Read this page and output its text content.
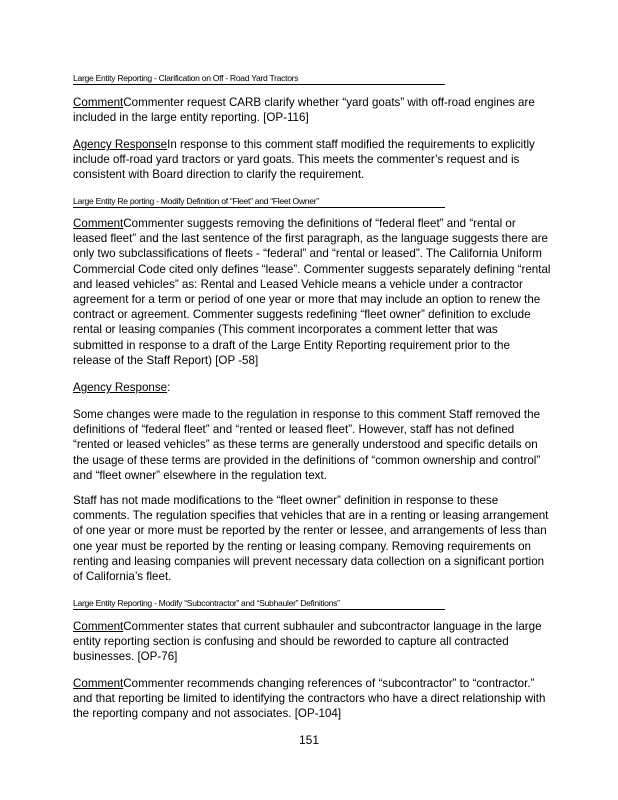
Large Entity Reporting - Clarification on Off - Road Yard Tractors

CommentCommenter request CARB clarify whether “yard goats” with off-road engines are included in the large entity reporting. [OP-116]

Agency ResponseIn response to this comment staff modified the requirements to explicitly include off-road yard tractors or yard goats. This meets the commenter’s request and is consistent with Board direction to clarify the requirement.

Large Entity Re porting - Modify Definition of “Fleet” and “Fleet Owner”

CommentCommenter suggests removing the definitions of “federal fleet” and “rental or leased fleet” and the last sentence of the first paragraph, as the language suggests there are only two subclassifications of fleets - “federal” and “rental or leased”. The California Uniform Commercial Code cited only defines “lease”. Commenter suggests separately defining “rental and leased vehicles” as: Rental and Leased Vehicle means a vehicle under a contractor agreement for a term or period of one year or more that may include an option to renew the contract or agreement. Commenter suggests redefining “fleet owner” definition to exclude rental or leasing companies (This comment incorporates a comment letter that was submitted in response to a draft of the Large Entity Reporting requirement prior to the release of the Staff Report) [OP -58]

Agency Response:

Some changes were made to the regulation in response to this comment Staff removed the definitions of “federal fleet” and “rented or leased fleet”. However, staff has not defined “rented or leased vehicles” as these terms are generally understood and specific details on the usage of these terms are provided in the definitions of “common ownership and control” and “fleet owner” elsewhere in the regulation text.

Staff has not made modifications to the “fleet owner” definition in response to these comments. The regulation specifies that vehicles that are in a renting or leasing arrangement of one year or more must be reported by the renter or lessee, and arrangements of less than one year must be reported by the renting or leasing company. Removing requirements on renting and leasing companies will prevent necessary data collection on a significant portion of California’s fleet.

Large Entity Reporting - Modify “Subcontractor” and “Subhauler” Definitions”

CommentCommenter states that current subhauler and subcontractor language in the large entity reporting section is confusing and should be reworded to capture all contracted businesses. [OP-76]

CommentCommenter recommends changing references of “subcontractor” to “contractor.” and that reporting be limited to identifying the contractors who have a direct relationship with the reporting company and not associates. [OP-104]

151
